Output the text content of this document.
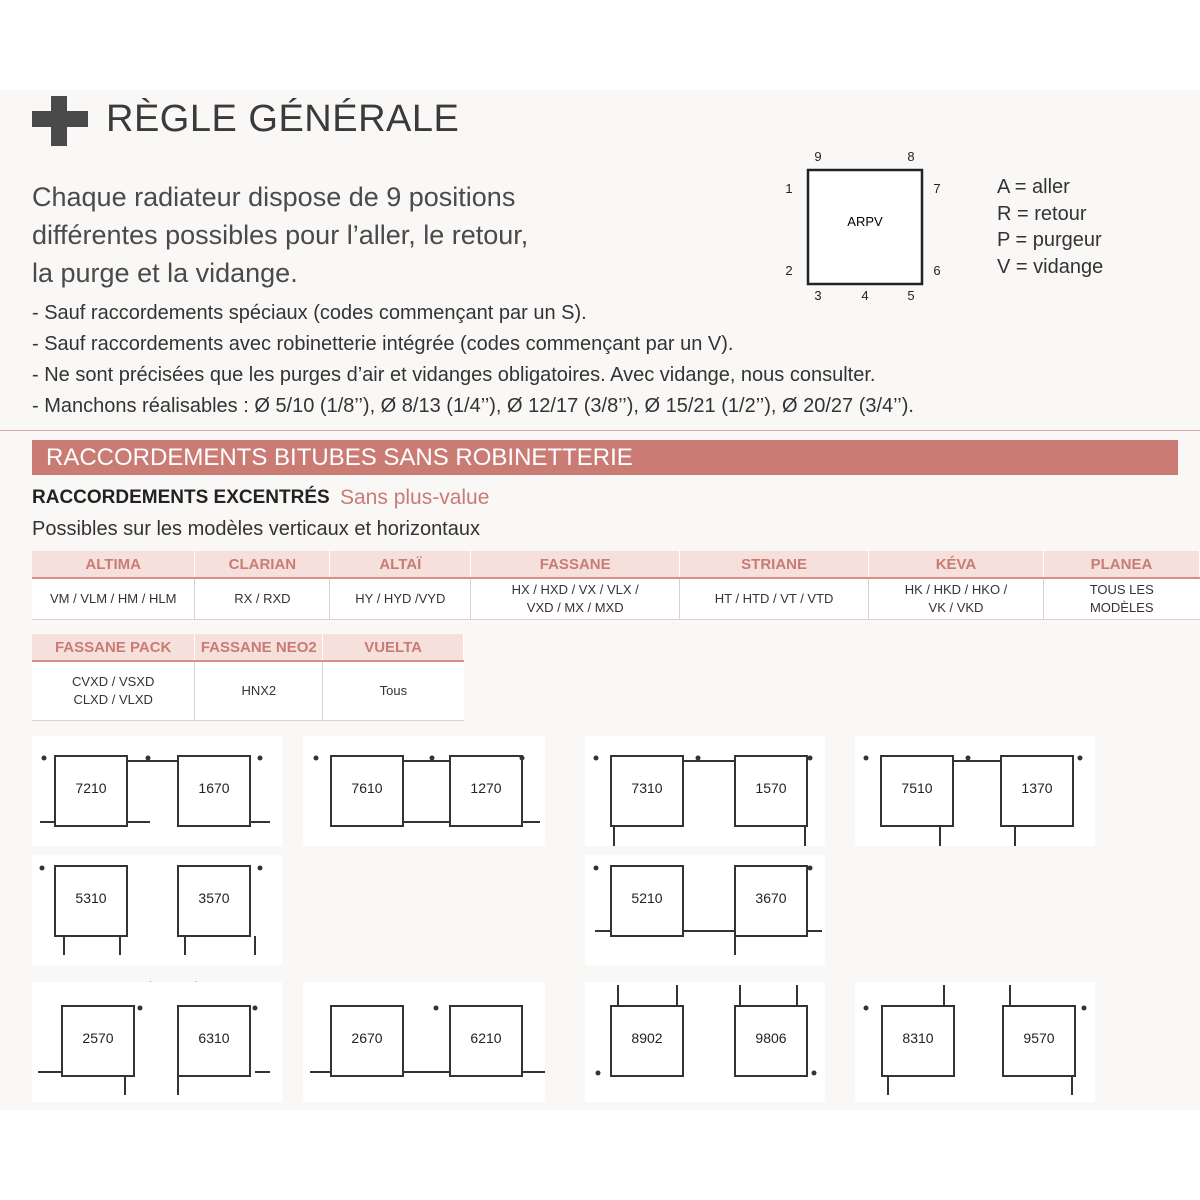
RÈGLE GÉNÉRALE
Chaque radiateur dispose de 9 positions
différentes possibles pour l’aller, le retour,
la purge et la vidange.
ARPV
1
2
3	4	5
6
7
8
9
A = aller
R = retour
P = purgeur
V = vidange
- Sauf raccordements spéciaux (codes commençant par un S).
- Sauf raccordements avec robinetterie intégrée (codes commençant par un V).
- Ne sont précisées que les purges d’air et vidanges obligatoires. Avec vidange, nous consulter.
- Manchons réalisables : Ø 5/10 (1/8’’), Ø 8/13 (1/4’’), Ø 12/17 (3/8’’), Ø 15/21 (1/2’’), Ø 20/27 (3/4’’).
RACCORDEMENTS BITUBES SANS ROBINETTERIE
RACCORDEMENTS EXCENTRÉS Sans plus-value
Possibles sur les modèles verticaux et horizontaux
ALTIMA	CLARIAN	ALTAÏ	FASSANE	STRIANE	KÉVA	PLANEA
VM / VLM / HM / HLM	RX / RXD	HY / HYD /VYD	HX / HXD / VX / VLX / VXD / MX / MXD	HT / HTD / VT / VTD	HK / HKD / HKO / VK / VKD	TOUS LES MODÈLES
FASSANE PACK	FASSANE NEO2	VUELTA
CVXD / VSXD CLXD / VLXD	HNX2	Tous
7210	1670	7610	1270	7310	1570	7510	1370
5310	3570	5210	3670
2570	6310	2670	6210	8902	9806	8310	9570
